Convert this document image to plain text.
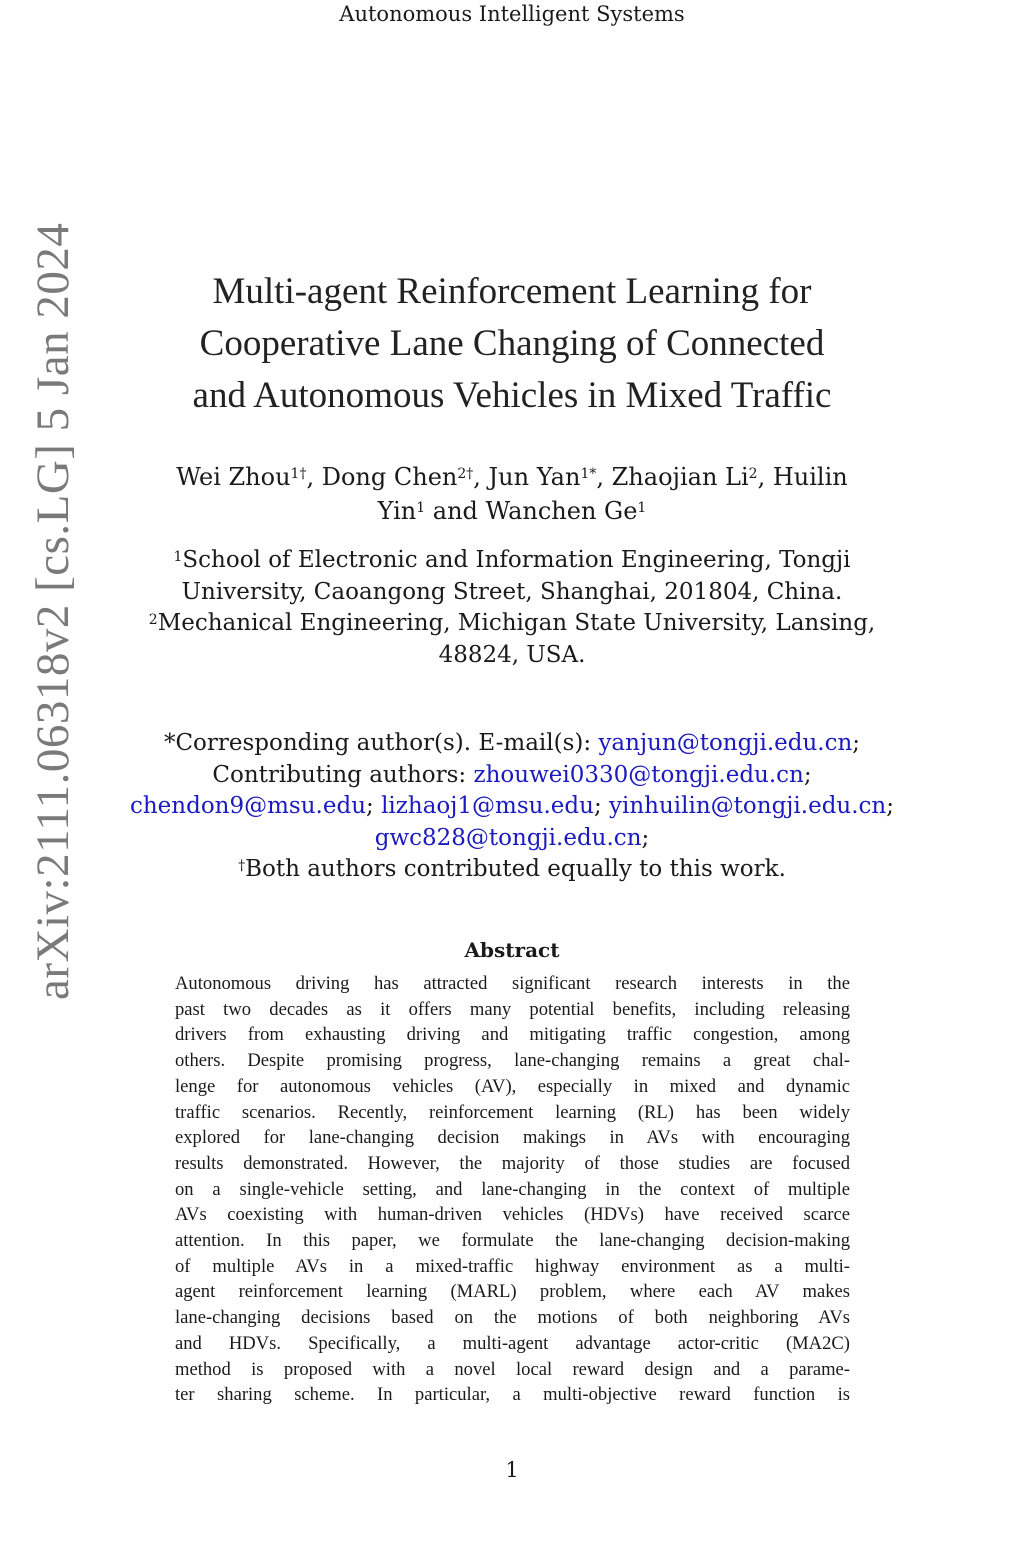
Autonomous Intelligent Systems
arXiv:2111.06318v2 [cs.LG] 5 Jan 2024	Multi-agent Reinforcement Learning for
Cooperative Lane Changing of Connected
and Autonomous Vehicles in Mixed Traffic
Wei Zhou$^{1\dagger}$, Dong Chen$^{2\dagger}$, Jun Yan$^{1*}$, Zhaojian Li$^2$, Huilin
Yin$^1$ and Wanchen Ge$^1$
$^1$School of Electronic and Information Engineering, Tongji
University, Caoangong Street, Shanghai, 201804, China.
$^2$Mechanical Engineering, Michigan State University, Lansing,
48824, USA.
*Corresponding author(s). E-mail(s): yanjun@tongji.edu.cn;
Contributing authors: zhouwei0330@tongji.edu.cn;
chendon9@msu.edu; lizhaoj1@msu.edu; yinhuilin@tongji.edu.cn;
gwc828@tongji.edu.cn;
†Both authors contributed equally to this work.
Abstract
Autonomous driving has attracted significant research interests in the
past two decades as it offers many potential benefits, including releasing
drivers from exhausting driving and mitigating traffic congestion, among
others. Despite promising progress, lane-changing remains a great chal-
lenge for autonomous vehicles (AV), especially in mixed and dynamic
traffic scenarios. Recently, reinforcement learning (RL) has been widely
explored for lane-changing decision makings in AVs with encouraging
results demonstrated. However, the majority of those studies are focused
on a single-vehicle setting, and lane-changing in the context of multiple
AVs coexisting with human-driven vehicles (HDVs) have received scarce
attention. In this paper, we formulate the lane-changing decision-making
of multiple AVs in a mixed-traffic highway environment as a multi-
agent reinforcement learning (MARL) problem, where each AV makes
lane-changing decisions based on the motions of both neighboring AVs
and HDVs. Specifically, a multi-agent advantage actor-critic (MA2C)
method is proposed with a novel local reward design and a parame-
ter sharing scheme. In particular, a multi-objective reward function is
1
